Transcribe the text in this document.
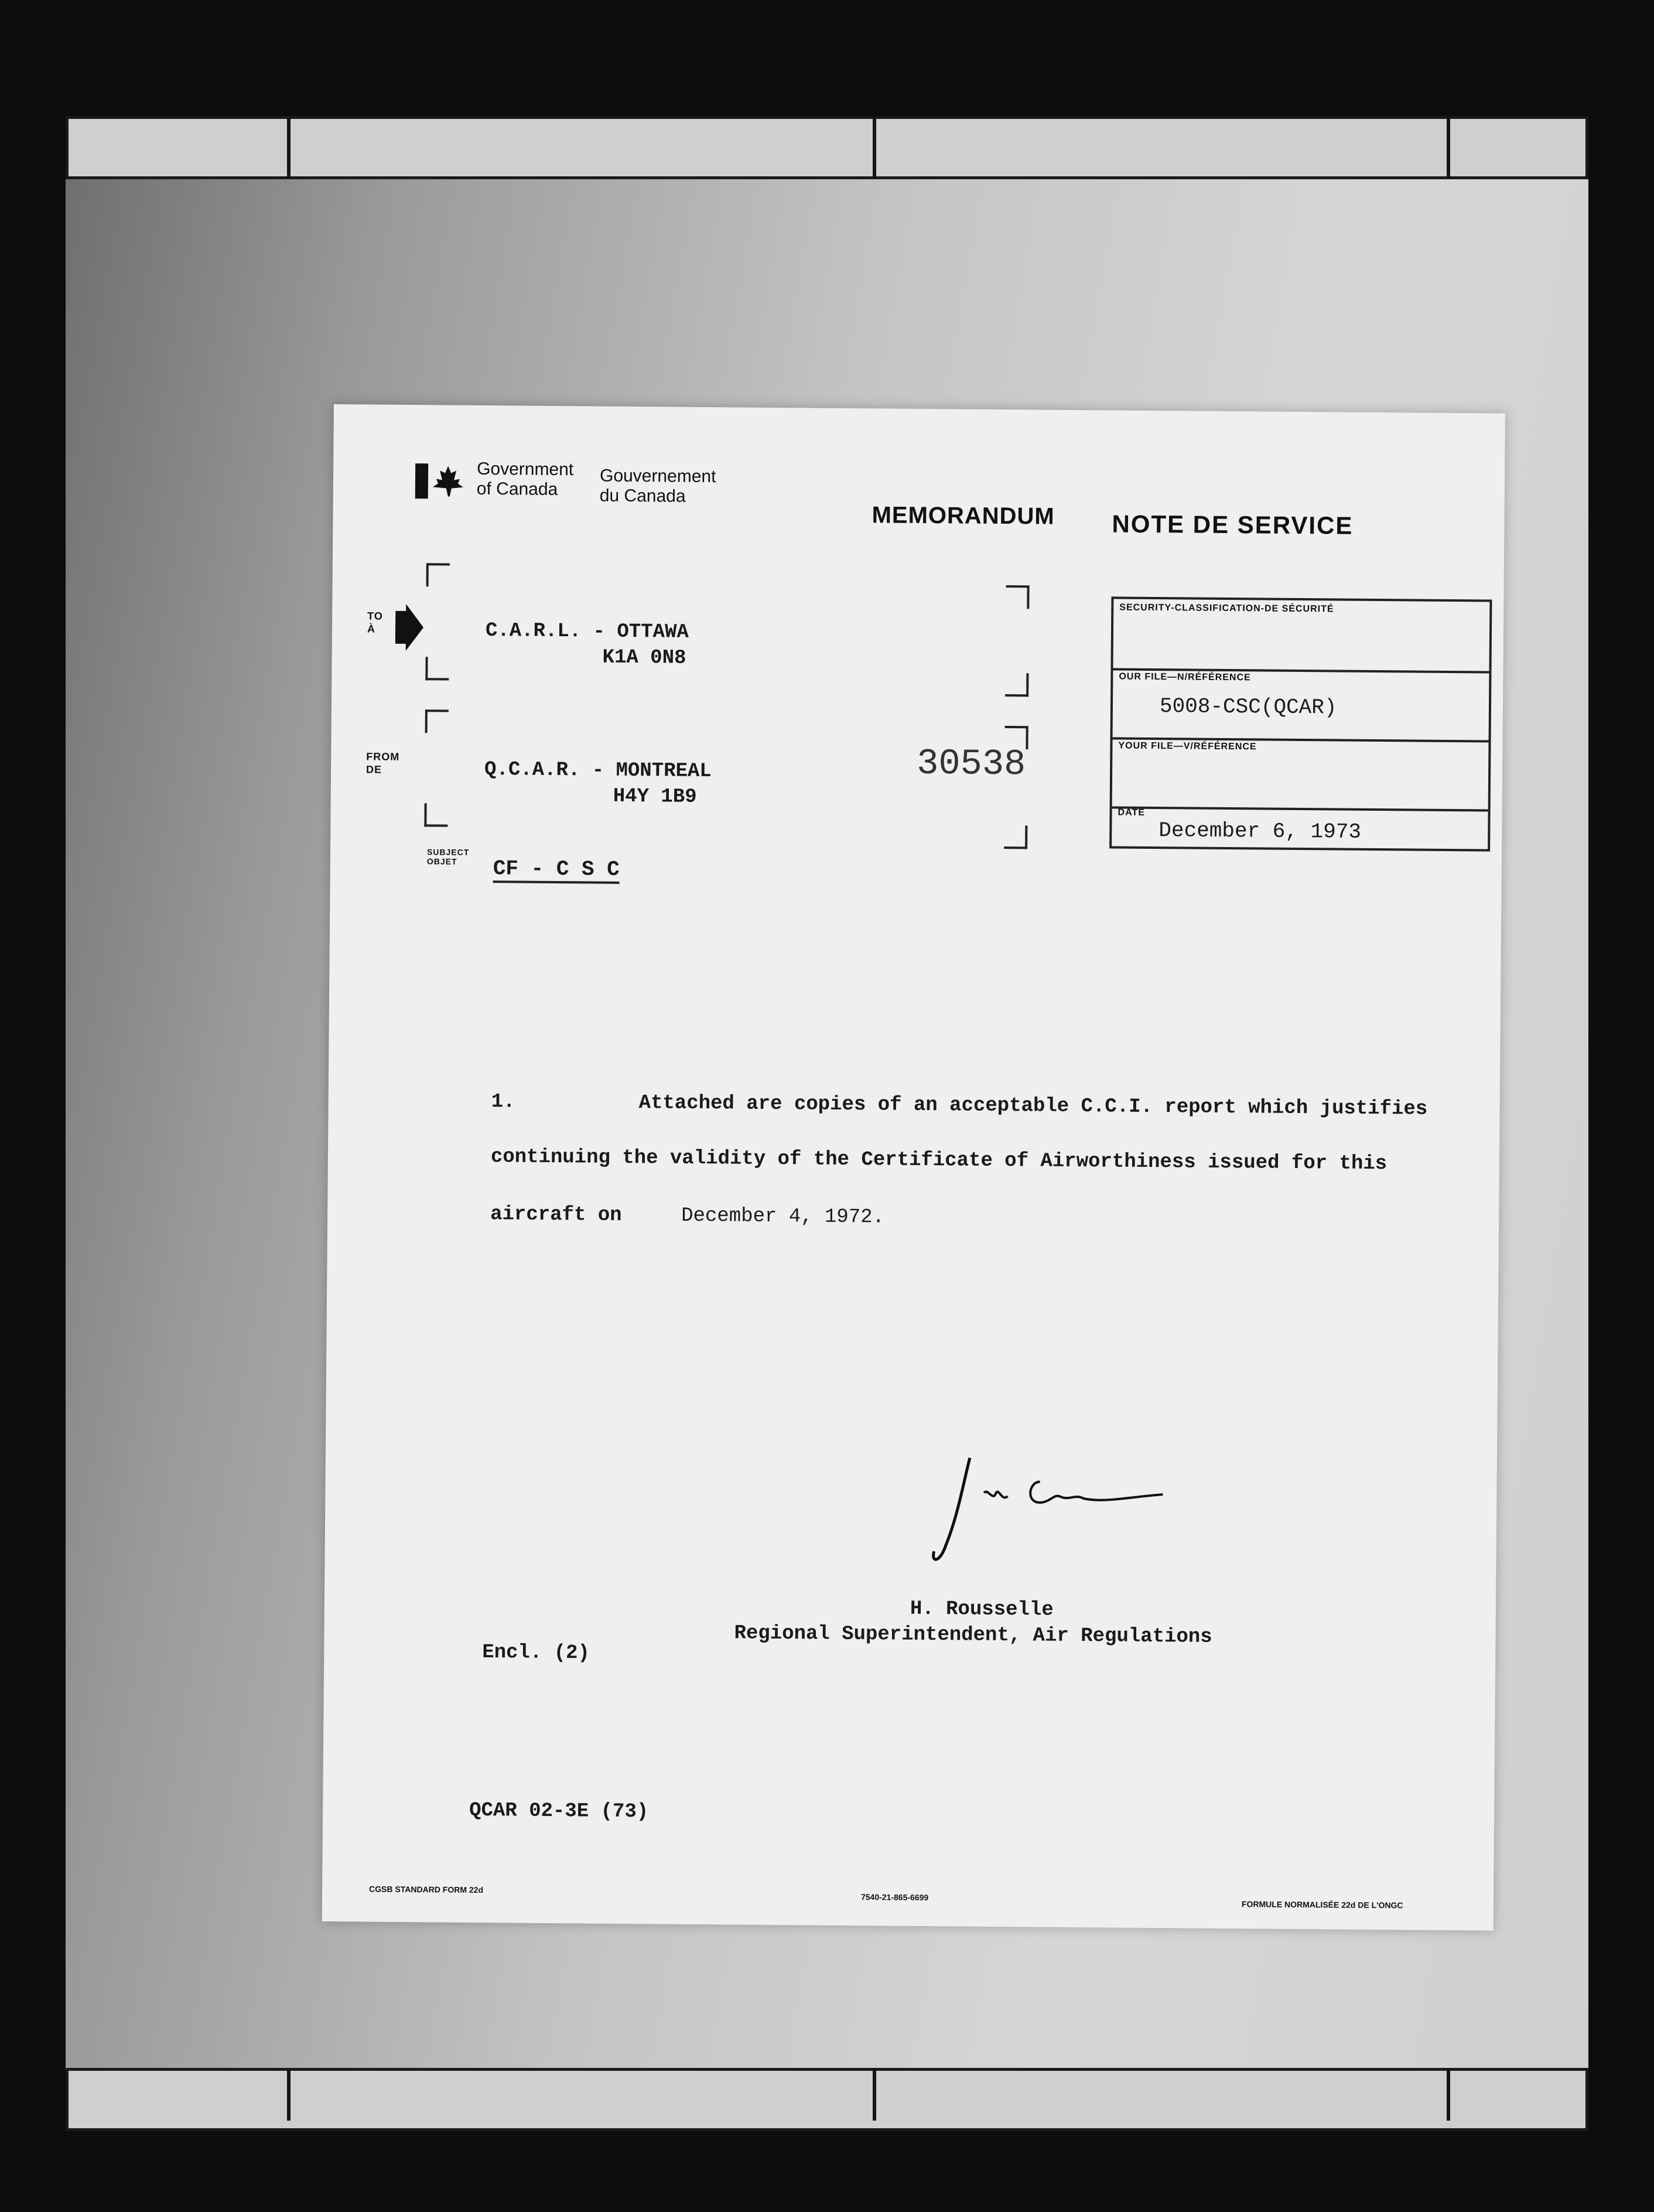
Government
of Canada
Gouvernement
du Canada
MEMORANDUM NOTE DE SERVICE
TO
À	C.A.R.L. - OTTAWA
K1A 0N8
FROM
DE	Q.C.A.R. - MONTREAL
H4Y 1B9
30538
SECURITY-CLASSIFICATION-DE SÉCURITÉ
OUR FILE—N/RÉFÉRENCE
5008-CSC(QCAR)
YOUR FILE—V/RÉFÉRENCE
DATE
December 6, 1973
SUBJECT
OBJET	CF - C S C
1.	Attached are copies of an acceptable C.C.I. report which justifies
continuing the validity of the Certificate of Airworthiness issued for this
aircraft on	December 4, 1972.
H. Rousselle
Regional Superintendent, Air Regulations
Encl. (2)
QCAR 02-3E (73)
CGSB STANDARD FORM 22d
7540-21-865-6699
FORMULE NORMALISÉE 22d DE L'ONGC
